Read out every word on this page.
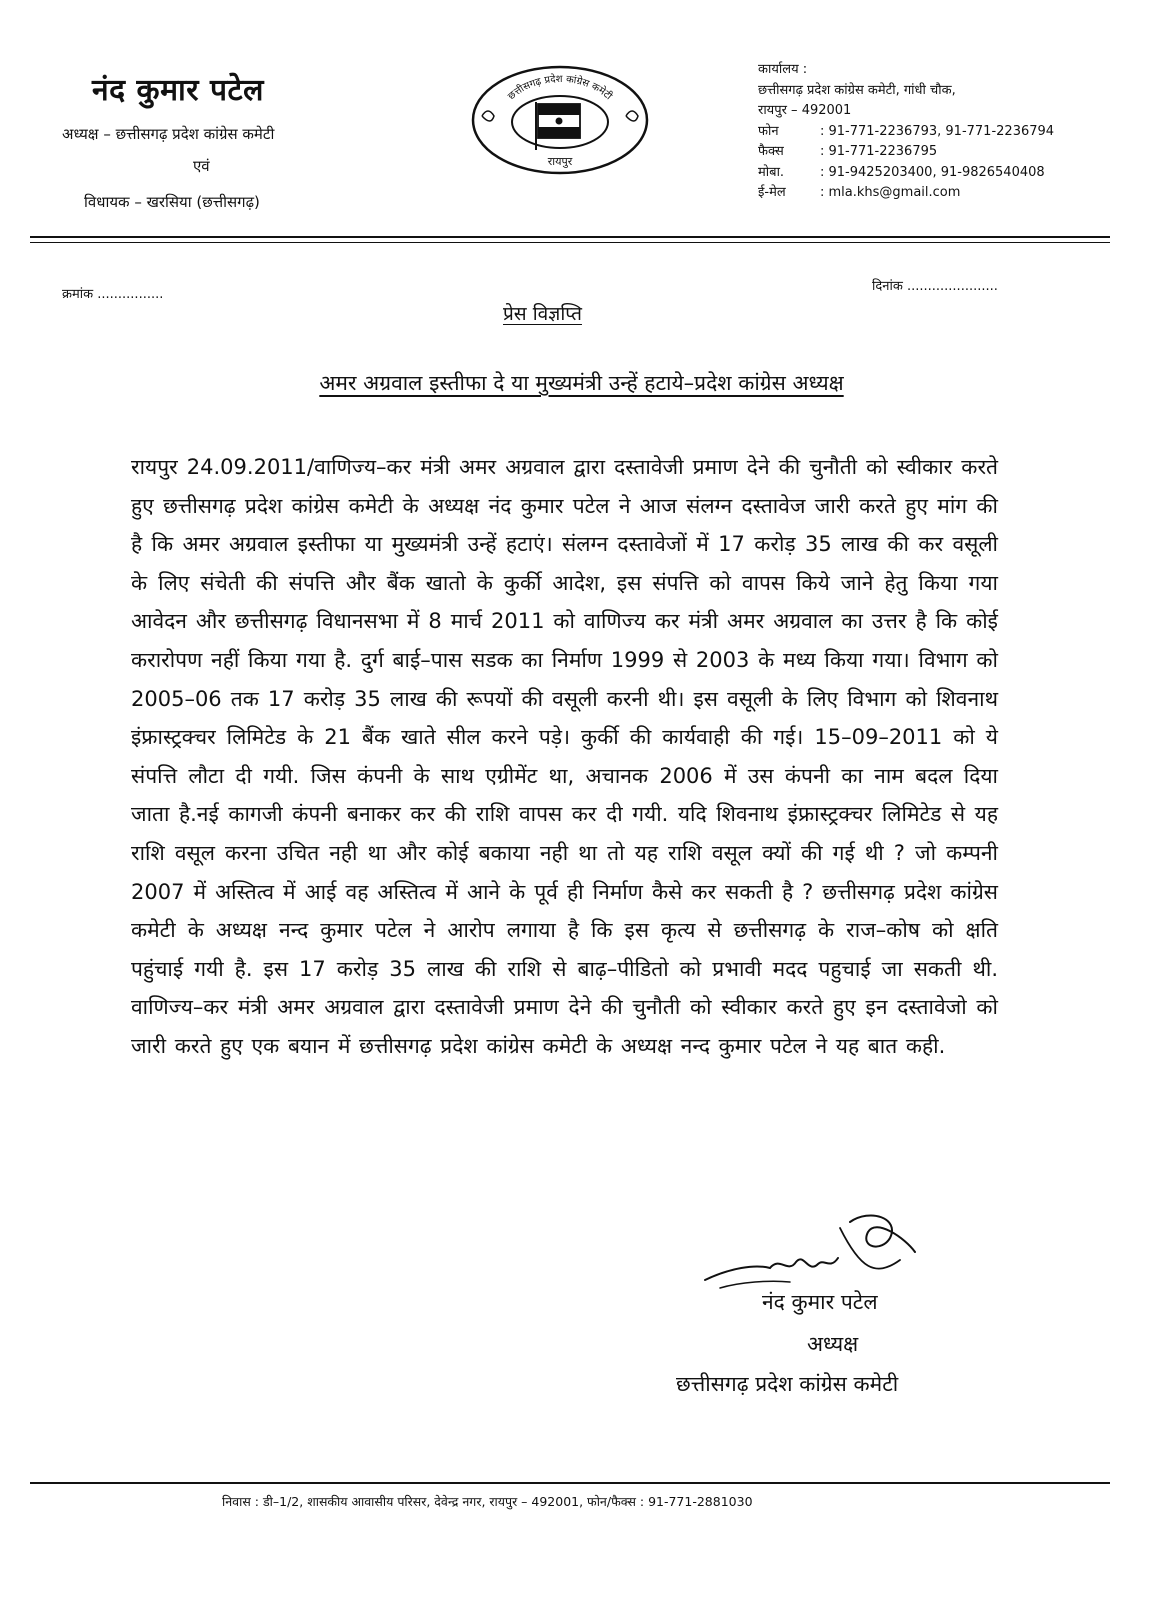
नंद कुमार पटेल
अध्यक्ष – छत्तीसगढ़ प्रदेश कांग्रेस कमेटी
एवं
विधायक – खरसिया (छत्तीसगढ़)
छत्तीसगढ़ प्रदेश कांग्रेस कमेटी
रायपुर
कार्यालय :
छत्तीसगढ़ प्रदेश कांग्रेस कमेटी, गांधी चौक,
रायपुर – 492001
फोन	: 91-771-2236793, 91-771-2236794
फैक्स	: 91-771-2236795
मोबा.	: 91-9425203400, 91-9826540408
ई-मेल	: mla.khs@gmail.com
क्रमांक ................
दिनांक ......................
प्रेस विज्ञप्ति
अमर अग्रवाल इस्तीफा दे या मुख्यमंत्री उन्हें हटाये–प्रदेश कांग्रेस अध्यक्ष
रायपुर 24.09.2011/वाणिज्य–कर मंत्री अमर अग्रवाल द्वारा दस्तावेजी प्रमाण देने की चुनौती को स्वीकार करते हुए छत्तीसगढ़ प्रदेश कांग्रेस कमेटी के अध्यक्ष नंद कुमार पटेल ने आज संलग्न दस्तावेज जारी करते हुए मांग की है कि अमर अग्रवाल इस्तीफा या मुख्यमंत्री उन्हें हटाएं। संलग्न दस्तावेजों में 17 करोड़ 35 लाख की कर वसूली के लिए संचेती की संपत्ति और बैंक खातो के कुर्की आदेश, इस संपत्ति को वापस किये जाने हेतु किया गया आवेदन और छत्तीसगढ़ विधानसभा में 8 मार्च 2011 को वाणिज्य कर मंत्री अमर अग्रवाल का उत्तर है कि कोई करारोपण नहीं किया गया है. दुर्ग बाई–पास सडक का निर्माण 1999 से 2003 के मध्य किया गया। विभाग को 2005–06 तक 17 करोड़ 35 लाख की रूपयों की वसूली करनी थी। इस वसूली के लिए विभाग को शिवनाथ इंफ्रास्ट्रक्चर लिमिटेड के 21 बैंक खाते सील करने पड़े। कुर्की की कार्यवाही की गई। 15–09–2011 को ये संपत्ति लौटा दी गयी. जिस कंपनी के साथ एग्रीमेंट था, अचानक 2006 में उस कंपनी का नाम बदल दिया जाता है.नई कागजी कंपनी बनाकर कर की राशि वापस कर दी गयी. यदि शिवनाथ इंफ्रास्ट्रक्चर लिमिटेड से यह राशि वसूल करना उचित नही था और कोई बकाया नही था तो यह राशि वसूल क्यों की गई थी ? जो कम्पनी 2007 में अस्तित्व में आई वह अस्तित्व में आने के पूर्व ही निर्माण कैसे कर सकती है ? छत्तीसगढ़ प्रदेश कांग्रेस कमेटी के अध्यक्ष नन्द कुमार पटेल ने आरोप लगाया है कि इस कृत्य से छत्तीसगढ़ के राज–कोष को क्षति पहुंचाई गयी है. इस 17 करोड़ 35 लाख की राशि से बाढ़–पीडितो को प्रभावी मदद पहुचाई जा सकती थी. वाणिज्य–कर मंत्री अमर अग्रवाल द्वारा दस्तावेजी प्रमाण देने की चुनौती को स्वीकार करते हुए इन दस्तावेजो को जारी करते हुए एक बयान में छत्तीसगढ़ प्रदेश कांग्रेस कमेटी के अध्यक्ष नन्द कुमार पटेल ने यह बात कही.
नंद कुमार पटेल
अध्यक्ष
छत्तीसगढ़ प्रदेश कांग्रेस कमेटी
निवास : डी–1/2, शासकीय आवासीय परिसर, देवेन्द्र नगर, रायपुर – 492001, फोन/फैक्स : 91-771-2881030
